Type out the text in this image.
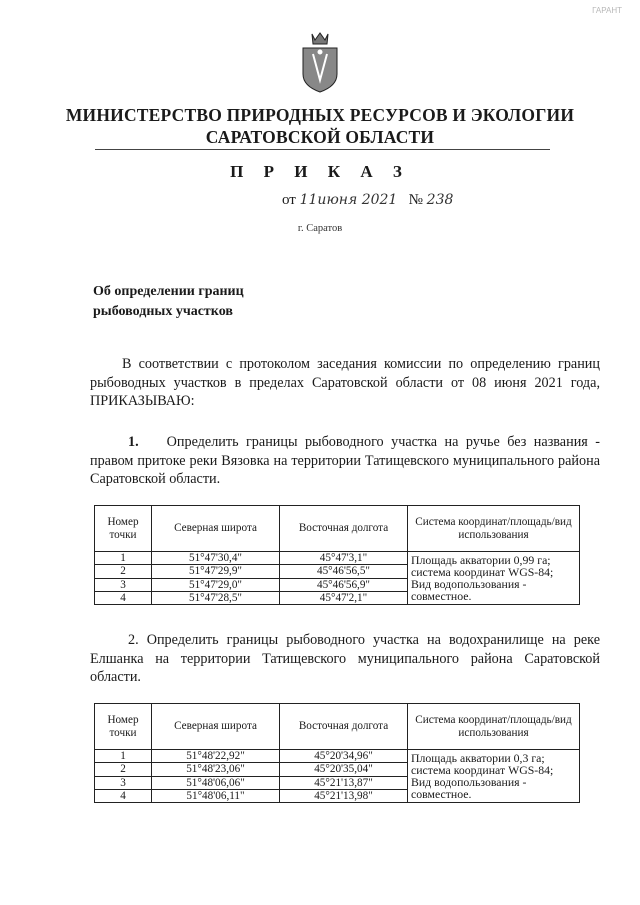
ГАРАНТ
МИНИСТЕРСТВО ПРИРОДНЫХ РЕСУРСОВ И ЭКОЛОГИИ
САРАТОВСКОЙ ОБЛАСТИ
П Р И К А З
от 11июня 2021 № 238
г. Саратов
Об определении границ
рыбоводных участков
В соответствии с протоколом заседания комиссии по определению границ рыбоводных участков в пределах Саратовской области от 08 июня 2021 года, ПРИКАЗЫВАЮ:
1. Определить границы рыбоводного участка на ручье без названия - правом притоке реки Вязовка на территории Татищевского муниципального района Саратовской области.
Номер точки	Северная широта	Восточная долгота	Система координат/площадь/вид использования
1	51°47'30,4"	45°47'3,1"	Площадь акватории 0,99 га; система координат WGS-84; Вид водопользования - совместное.
2	51°47'29,9"	45°46'56,5"	
3	51°47'29,0"	45°46'56,9"	
4	51°47'28,5"	45°47'2,1"	
2. Определить границы рыбоводного участка на водохранилище на реке Елшанка на территории Татищевского муниципального района Саратовской области.
Номер точки	Северная широта	Восточная долгота	Система координат/площадь/вид использования
1	51°48'22,92"	45°20'34,96"	Площадь акватории 0,3 га; система координат WGS-84; Вид водопользования - совместное.
2	51°48'23,06"	45°20'35,04"	
3	51°48'06,06"	45°21'13,87"	
4	51°48'06,11"	45°21'13,98"	
